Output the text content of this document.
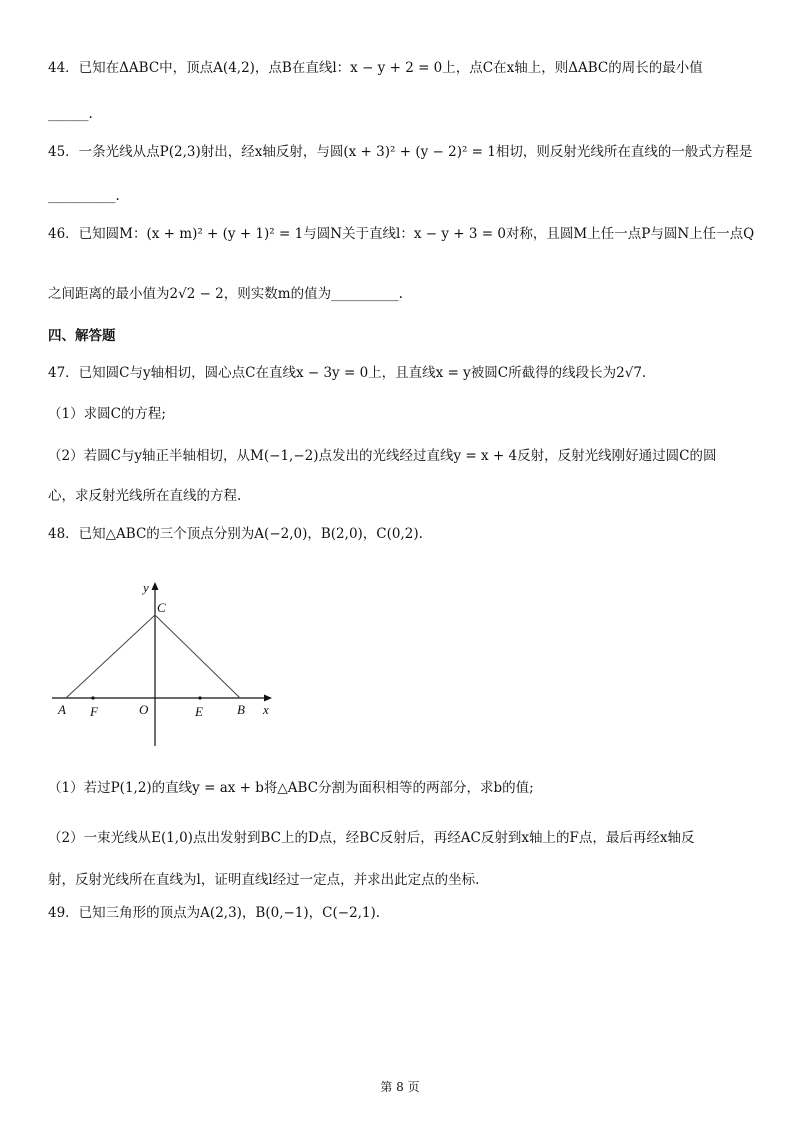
44．已知在ΔABC中，顶点A(4,2)，点B在直线l：x − y + 2 = 0上，点C在x轴上，则ΔABC的周长的最小值
______.
45．一条光线从点P(2,3)射出，经x轴反射，与圆(x + 3)² + (y − 2)² = 1相切，则反射光线所在直线的一般式方程是
__________.
46．已知圆M：(x + m)² + (y + 1)² = 1与圆N关于直线l：x − y + 3 = 0对称，且圆M上任一点P与圆N上任一点Q
之间距离的最小值为2√2 − 2，则实数m的值为__________.
四、解答题
47．已知圆C与y轴相切，圆心点C在直线x − 3y = 0上，且直线x = y被圆C所截得的线段长为2√7.
（1）求圆C的方程;
（2）若圆C与y轴正半轴相切，从M(−1,−2)点发出的光线经过直线y = x + 4反射，反射光线刚好通过圆C的圆
心，求反射光线所在直线的方程.
48．已知△ABC的三个顶点分别为A(−2,0)，B(2,0)，C(0,2).
y
C
A F	O	E	B x
（1）若过P(1,2)的直线y = ax + b将△ABC分割为面积相等的两部分，求b的值;
（2）一束光线从E(1,0)点出发射到BC上的D点，经BC反射后，再经AC反射到x轴上的F点，最后再经x轴反
射，反射光线所在直线为l，证明直线l经过一定点，并求出此定点的坐标.
49．已知三角形的顶点为A(2,3)，B(0,−1)，C(−2,1).
第 8 页
